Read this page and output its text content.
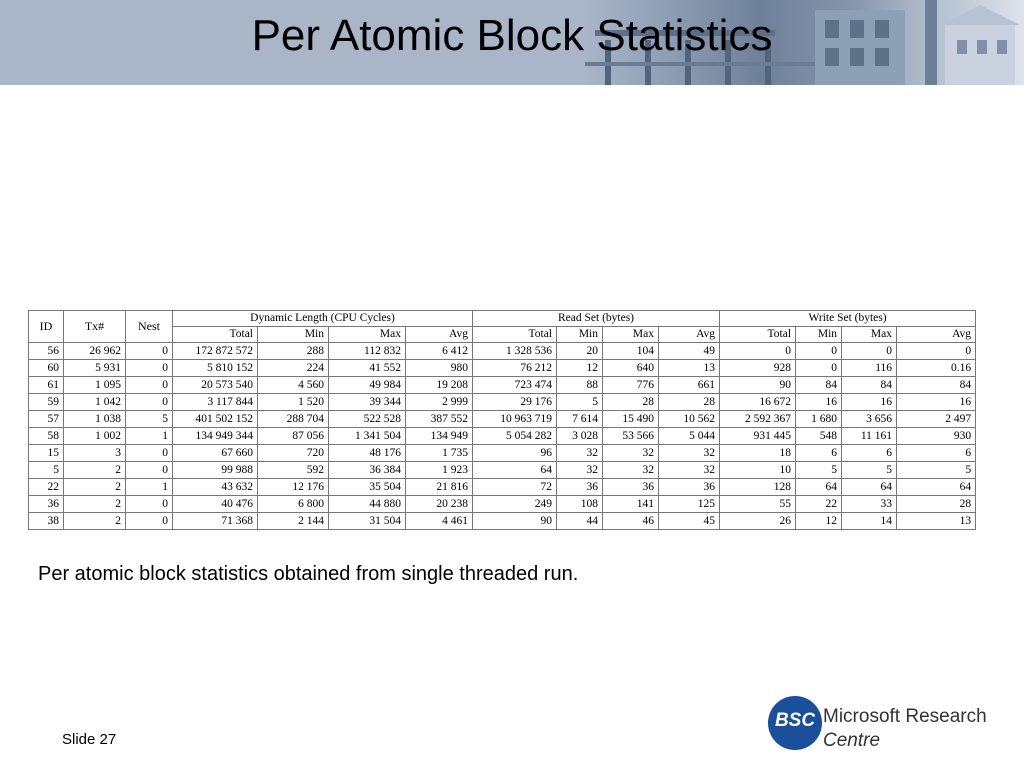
Per Atomic Block Statistics
ID	Tx#	Nest	Dynamic Length (CPU Cycles)				Read Set (bytes)				Write Set (bytes)			
			Total	Min	Max	Avg	Total	Min	Max	Avg	Total	Min	Max	Avg
56	26 962	0	172 872 572	288	112 832	6 412	1 328 536	20	104	49	0	0	0	0
60	5 931	0	5 810 152	224	41 552	980	76 212	12	640	13	928	0	116	0.16
61	1 095	0	20 573 540	4 560	49 984	19 208	723 474	88	776	661	90	84	84	84
59	1 042	0	3 117 844	1 520	39 344	2 999	29 176	5	28	28	16 672	16	16	16
57	1 038	5	401 502 152	288 704	522 528	387 552	10 963 719	7 614	15 490	10 562	2 592 367	1 680	3 656	2 497
58	1 002	1	134 949 344	87 056	1 341 504	134 949	5 054 282	3 028	53 566	5 044	931 445	548	11 161	930
15	3	0	67 660	720	48 176	1 735	96	32	32	32	18	6	6	6
5	2	0	99 988	592	36 384	1 923	64	32	32	32	10	5	5	5
22	2	1	43 632	12 176	35 504	21 816	72	36	36	36	128	64	64	64
36	2	0	40 476	6 800	44 880	20 238	249	108	141	125	55	22	33	28
38	2	0	71 368	2 144	31 504	4 461	90	44	46	45	26	12	14	13
Per atomic block statistics obtained from single threaded run.
Slide 27
BSC Microsoft Research
Centre
